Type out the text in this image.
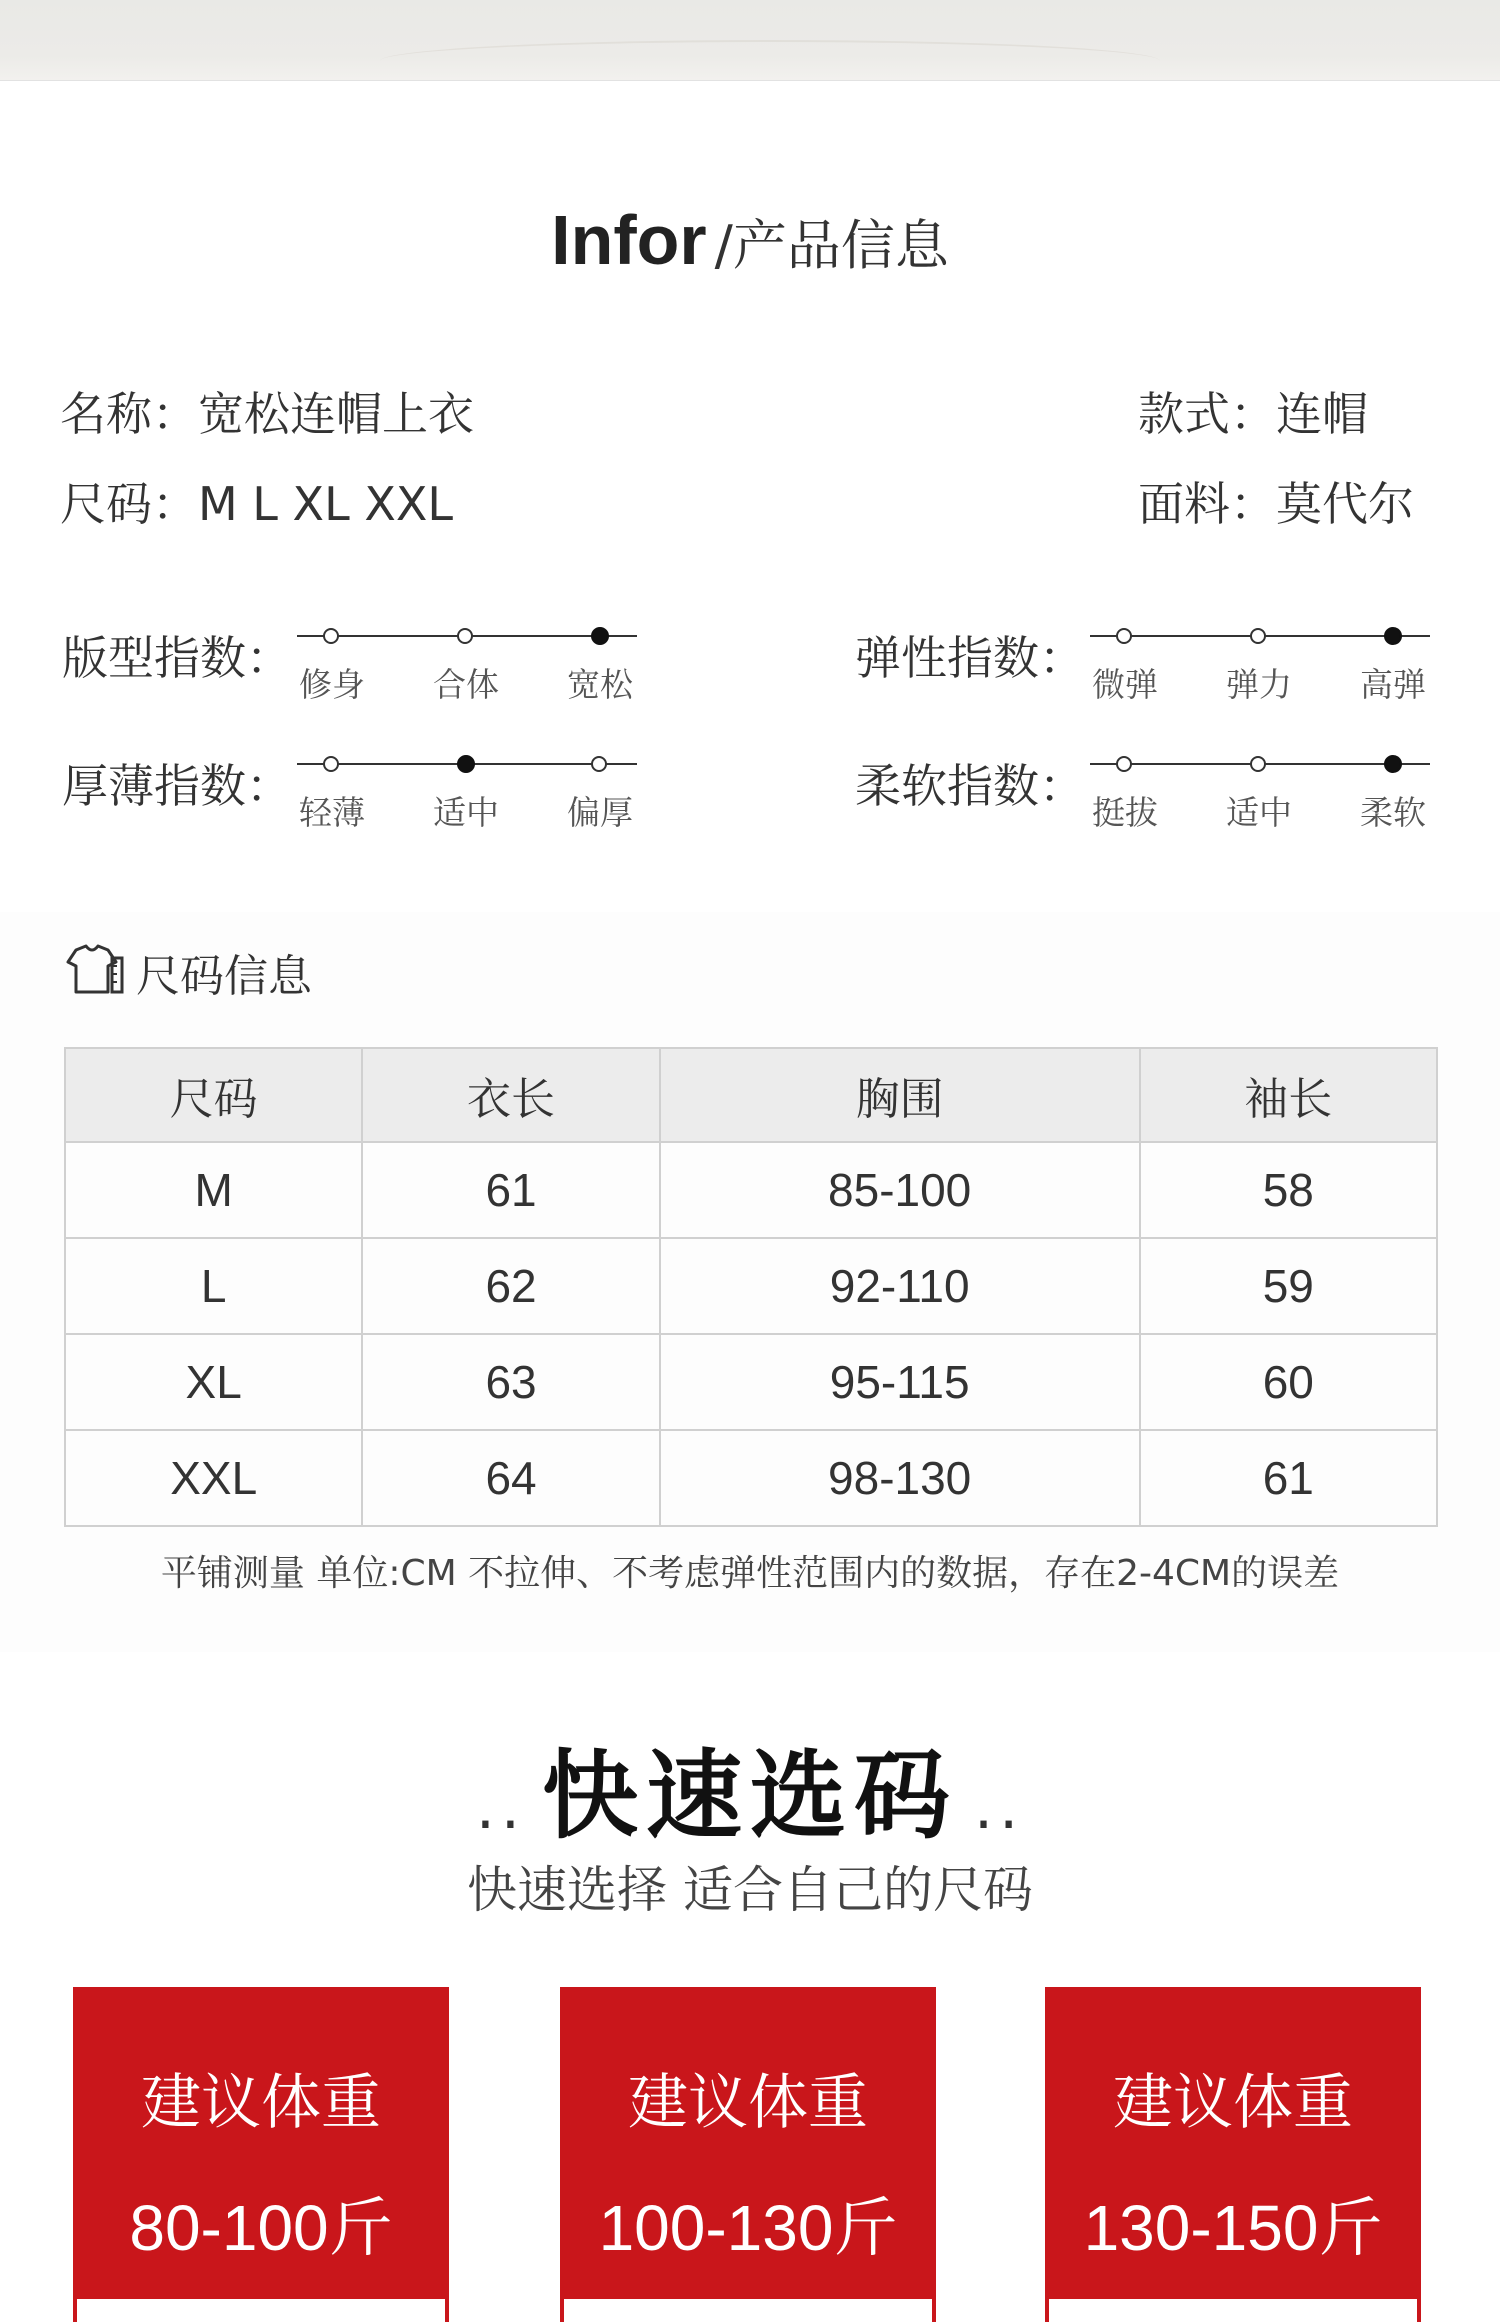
Infor /产品信息
名称：宽松连帽上衣
尺码：M L XL XXL
款式：连帽
面料：莫代尔
版型指数： 修身 合体 宽松	弹性指数： 微弹 弹力 高弹
厚薄指数： 轻薄 适中 偏厚	柔软指数： 挺拔 适中 柔软
尺码信息
尺码	衣长	胸围	袖长
M	61	85-100	58
L	62	92-110	59
XL	63	95-115	60
XXL	64	98-130	61
平铺测量 单位:CM 不拉伸、不考虑弹性范围内的数据，存在2-4CM的误差
·· 快速选码 ··
快速选择 适合自己的尺码
建议体重
80-100斤
建议体重
100-130斤
建议体重
130-150斤
